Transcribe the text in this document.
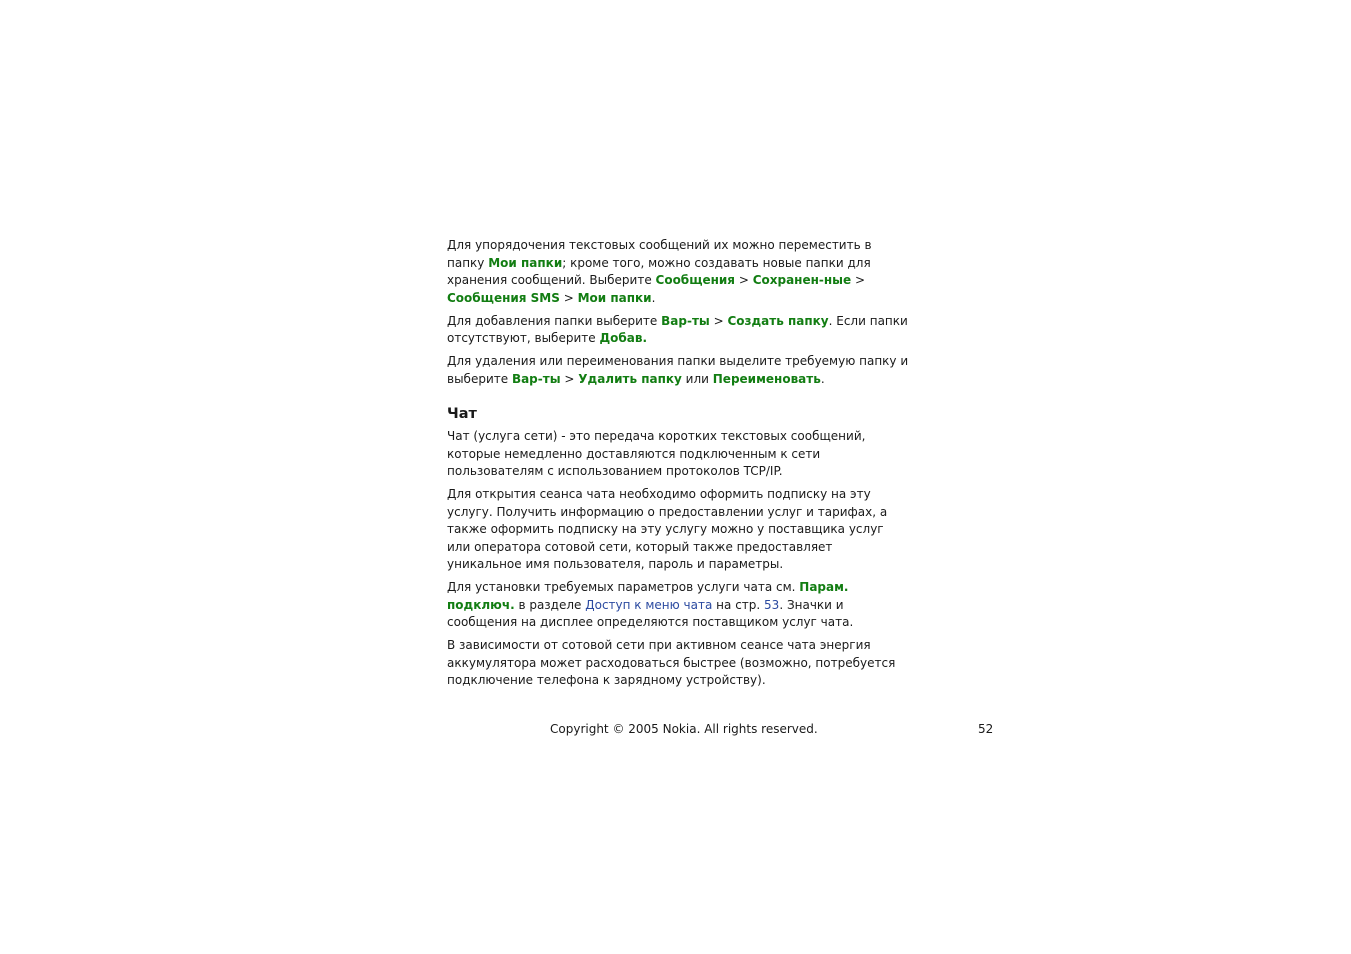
Для упорядочения текстовых сообщений их можно переместить в папку Мои папки; кроме того, можно создавать новые папки для хранения сообщений. Выберите Сообщения > Сохранен-ные > Сообщения SMS > Мои папки.

Для добавления папки выберите Вар-ты > Создать папку. Если папки отсутствуют, выберите Добав.

Для удаления или переименования папки выделите требуемую папку и выберите Вар-ты > Удалить папку или Переименовать.

Чат

Чат (услуга сети) - это передача коротких текстовых сообщений, которые немедленно доставляются подключенным к сети пользователям с использованием протоколов TCP/IP.

Для открытия сеанса чата необходимо оформить подписку на эту услугу. Получить информацию о предоставлении услуг и тарифах, а также оформить подписку на эту услугу можно у поставщика услуг или оператора сотовой сети, который также предоставляет уникальное имя пользователя, пароль и параметры.

Для установки требуемых параметров услуги чата см. Парам. подключ. в разделе Доступ к меню чата на стр. 53. Значки и сообщения на дисплее определяются поставщиком услуг чата.

В зависимости от сотовой сети при активном сеансе чата энергия аккумулятора может расходоваться быстрее (возможно, потребуется подключение телефона к зарядному устройству).

Copyright © 2005 Nokia. All rights reserved.	52
